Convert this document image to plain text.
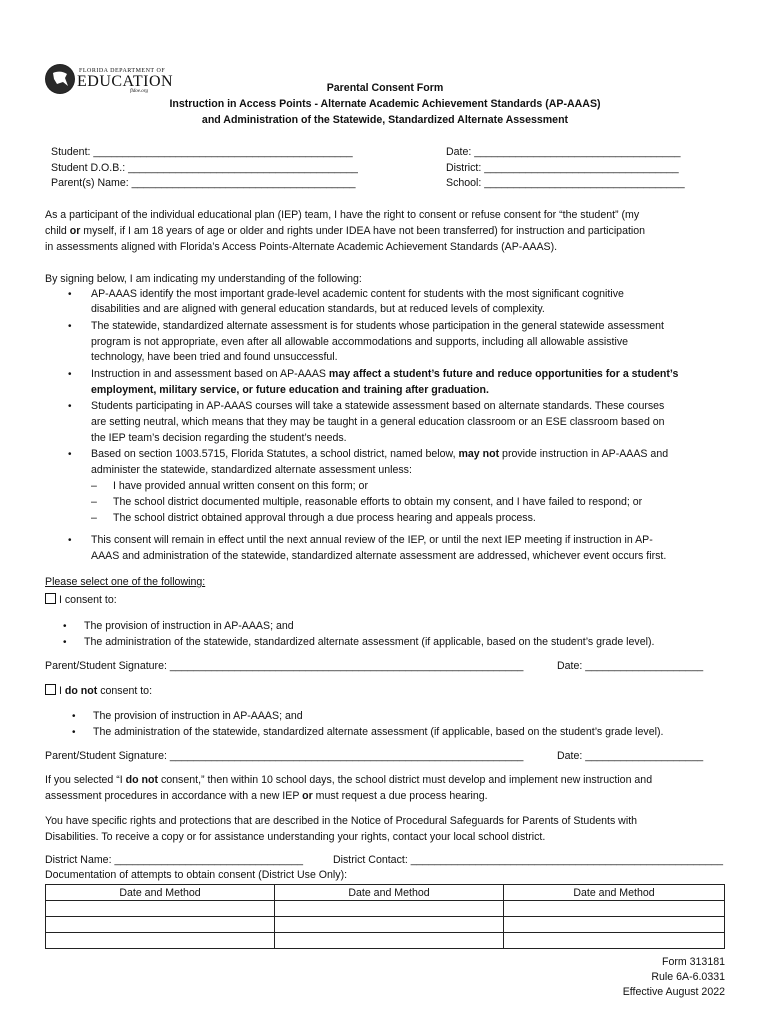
FLORIDA DEPARTMENT OF
EDUCATION
fldoe.org	Parental Consent Form
Instruction in Access Points - Alternate Academic Achievement Standards (AP-AAAS)
and Administration of the Statewide, Standardized Alternate Assessment
Student: ____________________________________________
Student D.O.B.: _______________________________________
Parent(s) Name: ______________________________________
Date: ___________________________________
District: _________________________________
School: __________________________________
As a participant of the individual educational plan (IEP) team, I have the right to consent or refuse consent for “the student” (my
child or myself, if I am 18 years of age or older and rights under IDEA have not been transferred) for instruction and participation
in assessments aligned with Florida’s Access Points-Alternate Academic Achievement Standards (AP-AAAS).
By signing below, I am indicating my understanding of the following:
• AP-AAAS identify the most important grade-level academic content for students with the most significant cognitive
disabilities and are aligned with general education standards, but at reduced levels of complexity.
• The statewide, standardized alternate assessment is for students whose participation in the general statewide assessment
program is not appropriate, even after all allowable accommodations and supports, including all allowable assistive
technology, have been tried and found unsuccessful.
• Instruction in and assessment based on AP-AAAS may affect a student’s future and reduce opportunities for a student’s
employment, military service, or future education and training after graduation.
• Students participating in AP-AAAS courses will take a statewide assessment based on alternate standards. These courses
are setting neutral, which means that they may be taught in a general education classroom or an ESE classroom based on
the IEP team’s decision regarding the student’s needs.
• Based on section 1003.5715, Florida Statutes, a school district, named below, may not provide instruction in AP-AAAS and
administer the statewide, standardized alternate assessment unless:
– I have provided annual written consent on this form; or
– The school district documented multiple, reasonable efforts to obtain my consent, and I have failed to respond; or
– The school district obtained approval through a due process hearing and appeals process.
• This consent will remain in effect until the next annual review of the IEP, or until the next IEP meeting if instruction in AP-
AAAS and administration of the statewide, standardized alternate assessment are addressed, whichever event occurs first.
Please select one of the following:
I consent to:
• The provision of instruction in AP-AAAS; and
• The administration of the statewide, standardized alternate assessment (if applicable, based on the student’s grade level).
Parent/Student Signature: ____________________________________________________________	Date: ____________________
I do not consent to:
• The provision of instruction in AP-AAAS; and
• The administration of the statewide, standardized alternate assessment (if applicable, based on the student’s grade level).
Parent/Student Signature: ____________________________________________________________	Date: ____________________
If you selected “I do not consent,” then within 10 school days, the school district must develop and implement new instruction and
assessment procedures in accordance with a new IEP or must request a due process hearing.
You have specific rights and protections that are described in the Notice of Procedural Safeguards for Parents of Students with
Disabilities. To receive a copy or for assistance understanding your rights, contact your local school district.
District Name: ________________________________	District Contact: _____________________________________________________
Documentation of attempts to obtain consent (District Use Only):
Date and Method	Date and Method	Date and Method

Form 313181
Rule 6A-6.0331
Effective August 2022
